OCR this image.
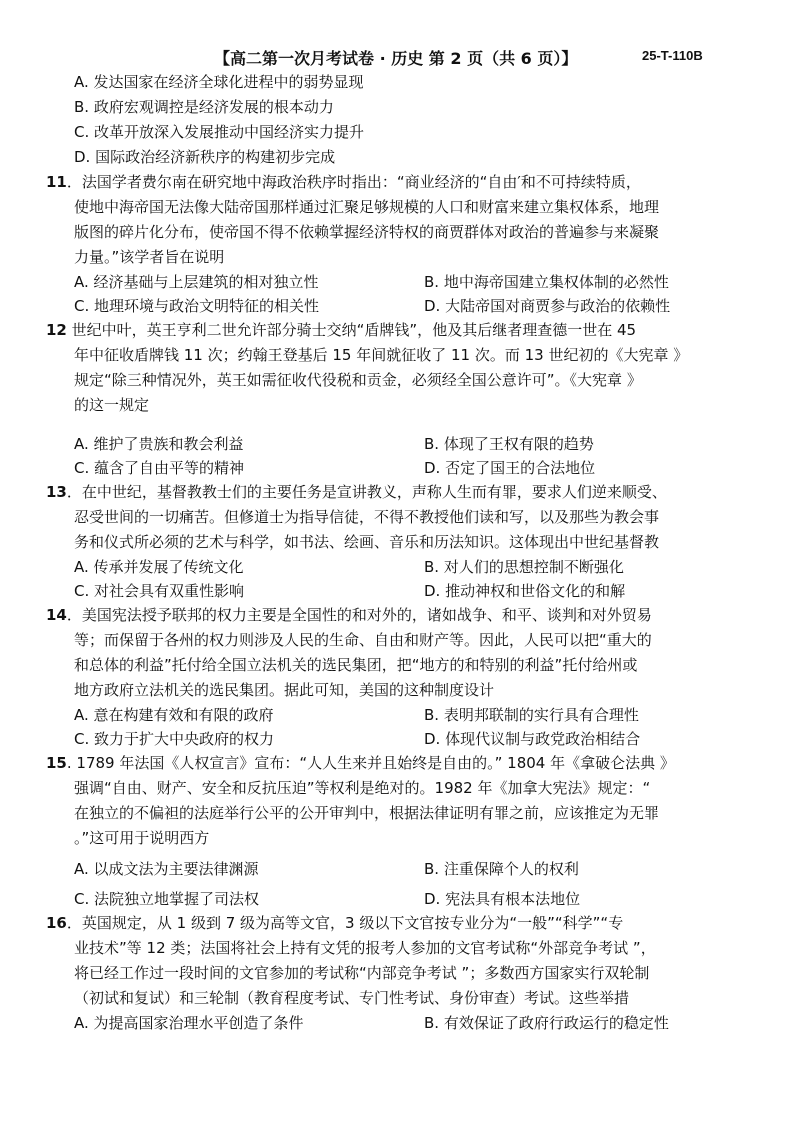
【高二第一次月考试卷 · 历史 第 2 页（共 6 页）】	25-T-110B
A. 发达国家在经济全球化进程中的弱势显现
B. 政府宏观调控是经济发展的根本动力
C. 改革开放深入发展推动中国经济实力提升
D. 国际政治经济新秩序的构建初步完成
11．法国学者费尔南在研究地中海政治秩序时指出：“商业经济的“自由′和不可持续特质，
使地中海帝国无法像大陆帝国那样通过汇聚足够规模的人口和财富来建立集权体系，地理
版图的碎片化分布，使帝国不得不依赖掌握经济特权的商贾群体对政治的普遍参与来凝聚
力量。”该学者旨在说明
A. 经济基础与上层建筑的相对独立性	B. 地中海帝国建立集权体制的必然性
C. 地理环境与政治文明特征的相关性	D. 大陆帝国对商贾参与政治的依赖性
12 世纪中叶，英王亨利二世允许部分骑士交纳“盾牌钱”，他及其后继者理查德一世在 45
年中征收盾牌钱 11 次；约翰王登基后 15 年间就征收了 11 次。而 13 世纪初的《大宪章 》
规定“除三种情况外，英王如需征收代役税和贡金，必须经全国公意许可”。《大宪章 》
的这一规定
A. 维护了贵族和教会利益	B. 体现了王权有限的趋势
C. 蕴含了自由平等的精神	D. 否定了国王的合法地位
13．在中世纪，基督教教士们的主要任务是宣讲教义，声称人生而有罪，要求人们逆来顺受、
忍受世间的一切痛苦。但修道士为指导信徒，不得不教授他们读和写，以及那些为教会事
务和仪式所必须的艺术与科学，如书法、绘画、音乐和历法知识。这体现出中世纪基督教
A. 传承并发展了传统文化	B. 对人们的思想控制不断强化
C. 对社会具有双重性影响	D. 推动神权和世俗文化的和解
14．美国宪法授予联邦的权力主要是全国性的和对外的，诸如战争、和平、谈判和对外贸易
等；而保留于各州的权力则涉及人民的生命、自由和财产等。因此，人民可以把“重大的
和总体的利益”托付给全国立法机关的选民集团，把“地方的和特别的利益”托付给州或
地方政府立法机关的选民集团。据此可知，美国的这种制度设计
A. 意在构建有效和有限的政府	B. 表明邦联制的实行具有合理性
C. 致力于扩大中央政府的权力	D. 体现代议制与政党政治相结合
15. 1789 年法国《人权宣言》宣布：“人人生来并且始终是自由的。” 1804 年《拿破仑法典 》
强调“自由、财产、安全和反抗压迫”等权利是绝对的。1982 年《加拿大宪法》规定：“
在独立的不偏袒的法庭举行公平的公开审判中，根据法律证明有罪之前，应该推定为无罪
。”这可用于说明西方
A. 以成文法为主要法律渊源	B. 注重保障个人的权利
C. 法院独立地掌握了司法权	D. 宪法具有根本法地位
16．英国规定，从 1 级到 7 级为高等文官，3 级以下文官按专业分为“一般”“科学”“专
业技术”等 12 类；法国将社会上持有文凭的报考人参加的文官考试称“外部竞争考试 ”，
将已经工作过一段时间的文官参加的考试称“内部竞争考试 ”；多数西方国家实行双轮制
（初试和复试）和三轮制（教育程度考试、专门性考试、身份审查）考试。这些举措
A. 为提高国家治理水平创造了条件	B. 有效保证了政府行政运行的稳定性
